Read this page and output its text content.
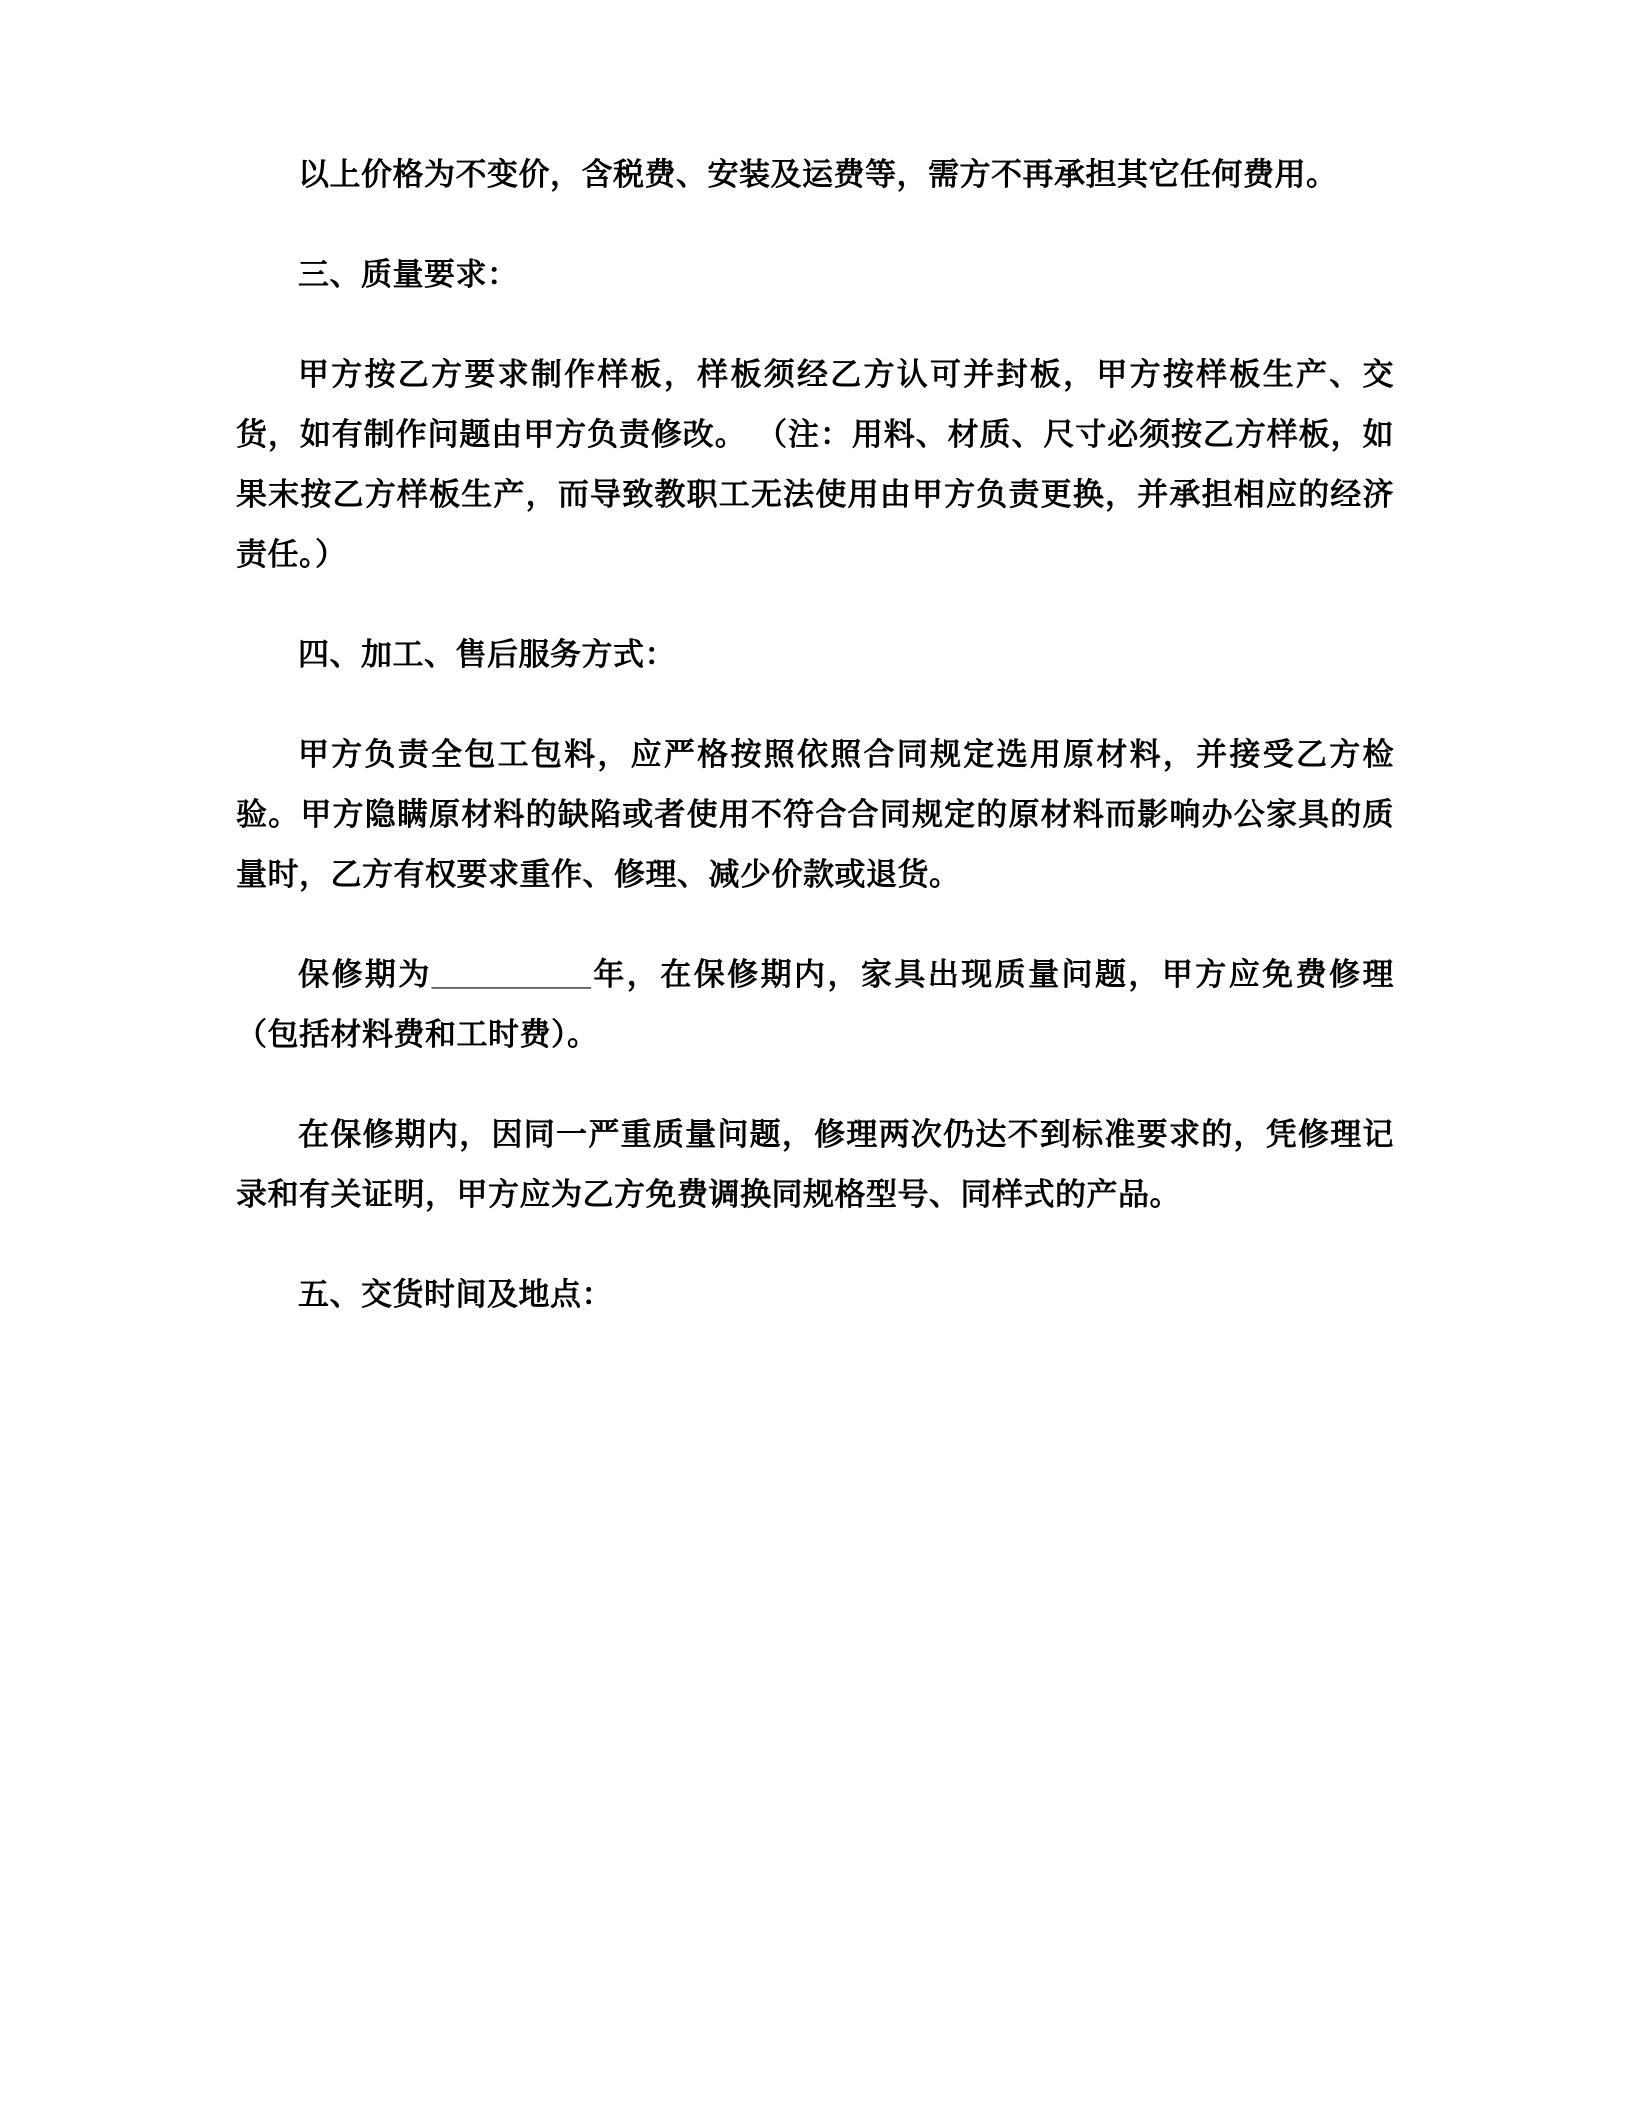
以上价格为不变价，含税费、安装及运费等，需方不再承担其它任何费用。

三、质量要求：

甲方按乙方要求制作样板，样板须经乙方认可并封板，甲方按样板生产、交货，如有制作问题由甲方负责修改。 （注：用料、材质、尺寸必须按乙方样板，如果末按乙方样板生产，而导致教职工无法使用由甲方负责更换，并承担相应的经济责任。）

四、加工、售后服务方式：

甲方负责全包工包料，应严格按照依照合同规定选用原材料，并接受乙方检验。甲方隐瞒原材料的缺陷或者使用不符合合同规定的原材料而影响办公家具的质量时，乙方有权要求重作、修理、减少价款或退货。

保修期为_________年，在保修期内，家具出现质量问题，甲方应免费修理（包括材料费和工时费）。

在保修期内，因同一严重质量问题，修理两次仍达不到标准要求的，凭修理记录和有关证明，甲方应为乙方免费调换同规格型号、同样式的产品。

五、交货时间及地点：
